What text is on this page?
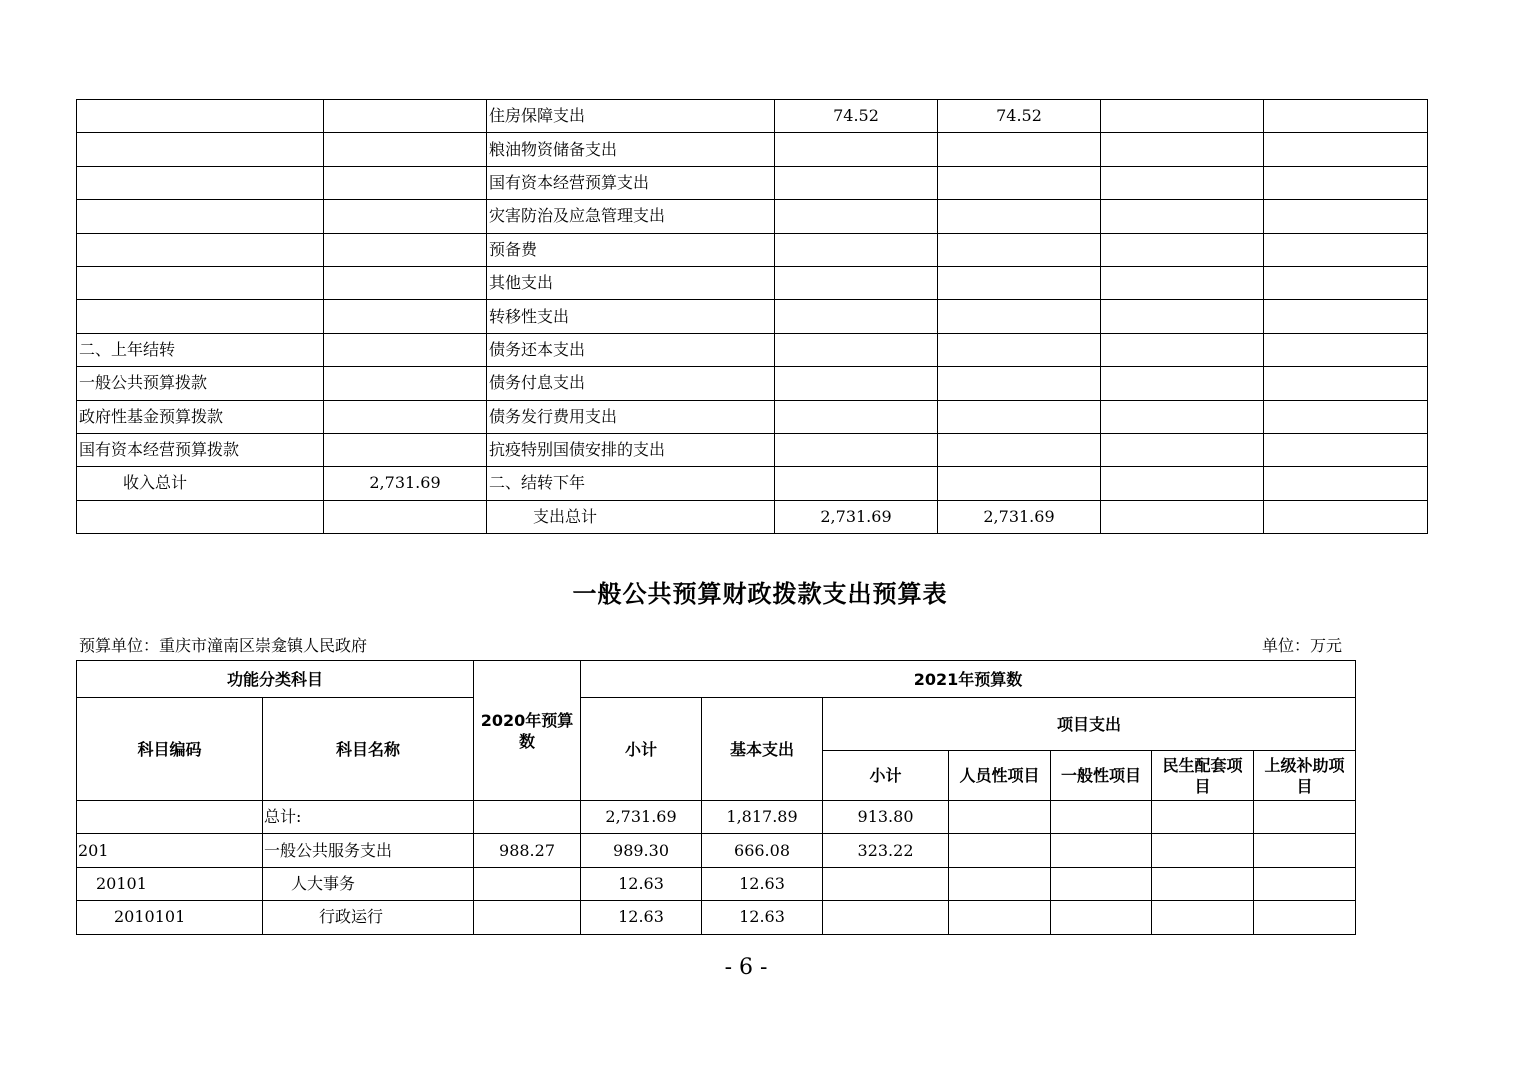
		住房保障支出	74.52	74.52		
		粮油物资储备支出				
		国有资本经营预算支出				
		灾害防治及应急管理支出				
		预备费				
		其他支出				
		转移性支出				
二、上年结转		债务还本支出				
一般公共预算拨款		债务付息支出				
政府性基金预算拨款		债务发行费用支出				
国有资本经营预算拨款		抗疫特别国债安排的支出				
收入总计	2,731.69	二、结转下年				
		支出总计	2,731.69	2,731.69		
一般公共预算财政拨款支出预算表
预算单位：重庆市潼南区崇龛镇人民政府	单位：万元
功能分类科目		2020年预算数	2021年预算数						
科目编码	科目名称		小计	基本支出	项目支出				
					小计	人员性项目	一般性项目	民生配套项目	上级补助项目
	总计:		2,731.69	1,817.89	913.80				
201	一般公共服务支出	988.27	989.30	666.08	323.22				
20101	人大事务		12.63	12.63					
2010101	行政运行		12.63	12.63					
- 6 -
